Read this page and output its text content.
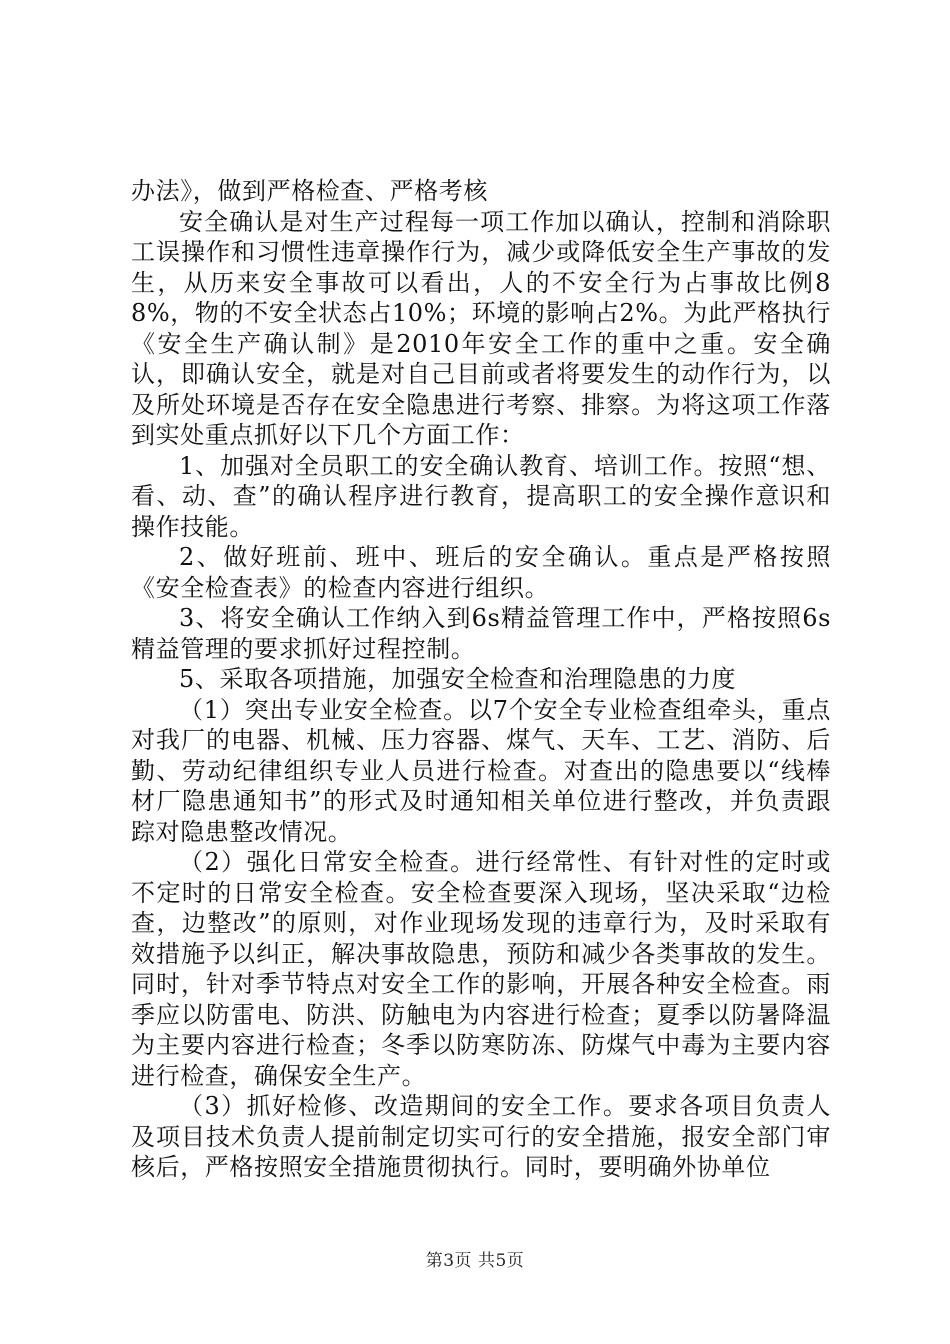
办法》，做到严格检查、严格考核

安全确认是对生产过程每一项工作加以确认，控制和消除职工误操作和习惯性违章操作行为，减少或降低安全生产事故的发生，从历来安全事故可以看出，人的不安全行为占事故比例88%，物的不安全状态占10%；环境的影响占2%。为此严格执行《安全生产确认制》是2010年安全工作的重中之重。安全确认，即确认安全，就是对自己目前或者将要发生的动作行为，以及所处环境是否存在安全隐患进行考察、排察。为将这项工作落到实处重点抓好以下几个方面工作：

1、加强对全员职工的安全确认教育、培训工作。按照“想、看、动、查”的确认程序进行教育，提高职工的安全操作意识和操作技能。

2、做好班前、班中、班后的安全确认。重点是严格按照《安全检查表》的检查内容进行组织。

3、将安全确认工作纳入到6s精益管理工作中，严格按照6s精益管理的要求抓好过程控制。

5、采取各项措施，加强安全检查和治理隐患的力度

（1）突出专业安全检查。以7个安全专业检查组牵头，重点对我厂的电器、机械、压力容器、煤气、天车、工艺、消防、后勤、劳动纪律组织专业人员进行检查。对查出的隐患要以“线棒材厂隐患通知书”的形式及时通知相关单位进行整改，并负责跟踪对隐患整改情况。

（2）强化日常安全检查。进行经常性、有针对性的定时或不定时的日常安全检查。安全检查要深入现场，坚决采取“边检查，边整改”的原则，对作业现场发现的违章行为，及时采取有效措施予以纠正，解决事故隐患，预防和减少各类事故的发生。同时，针对季节特点对安全工作的影响，开展各种安全检查。雨季应以防雷电、防洪、防触电为内容进行检查；夏季以防暑降温为主要内容进行检查；冬季以防寒防冻、防煤气中毒为主要内容进行检查，确保安全生产。

（3）抓好检修、改造期间的安全工作。要求各项目负责人及项目技术负责人提前制定切实可行的安全措施，报安全部门审核后，严格按照安全措施贯彻执行。同时，要明确外协单位

第3页 共5页
